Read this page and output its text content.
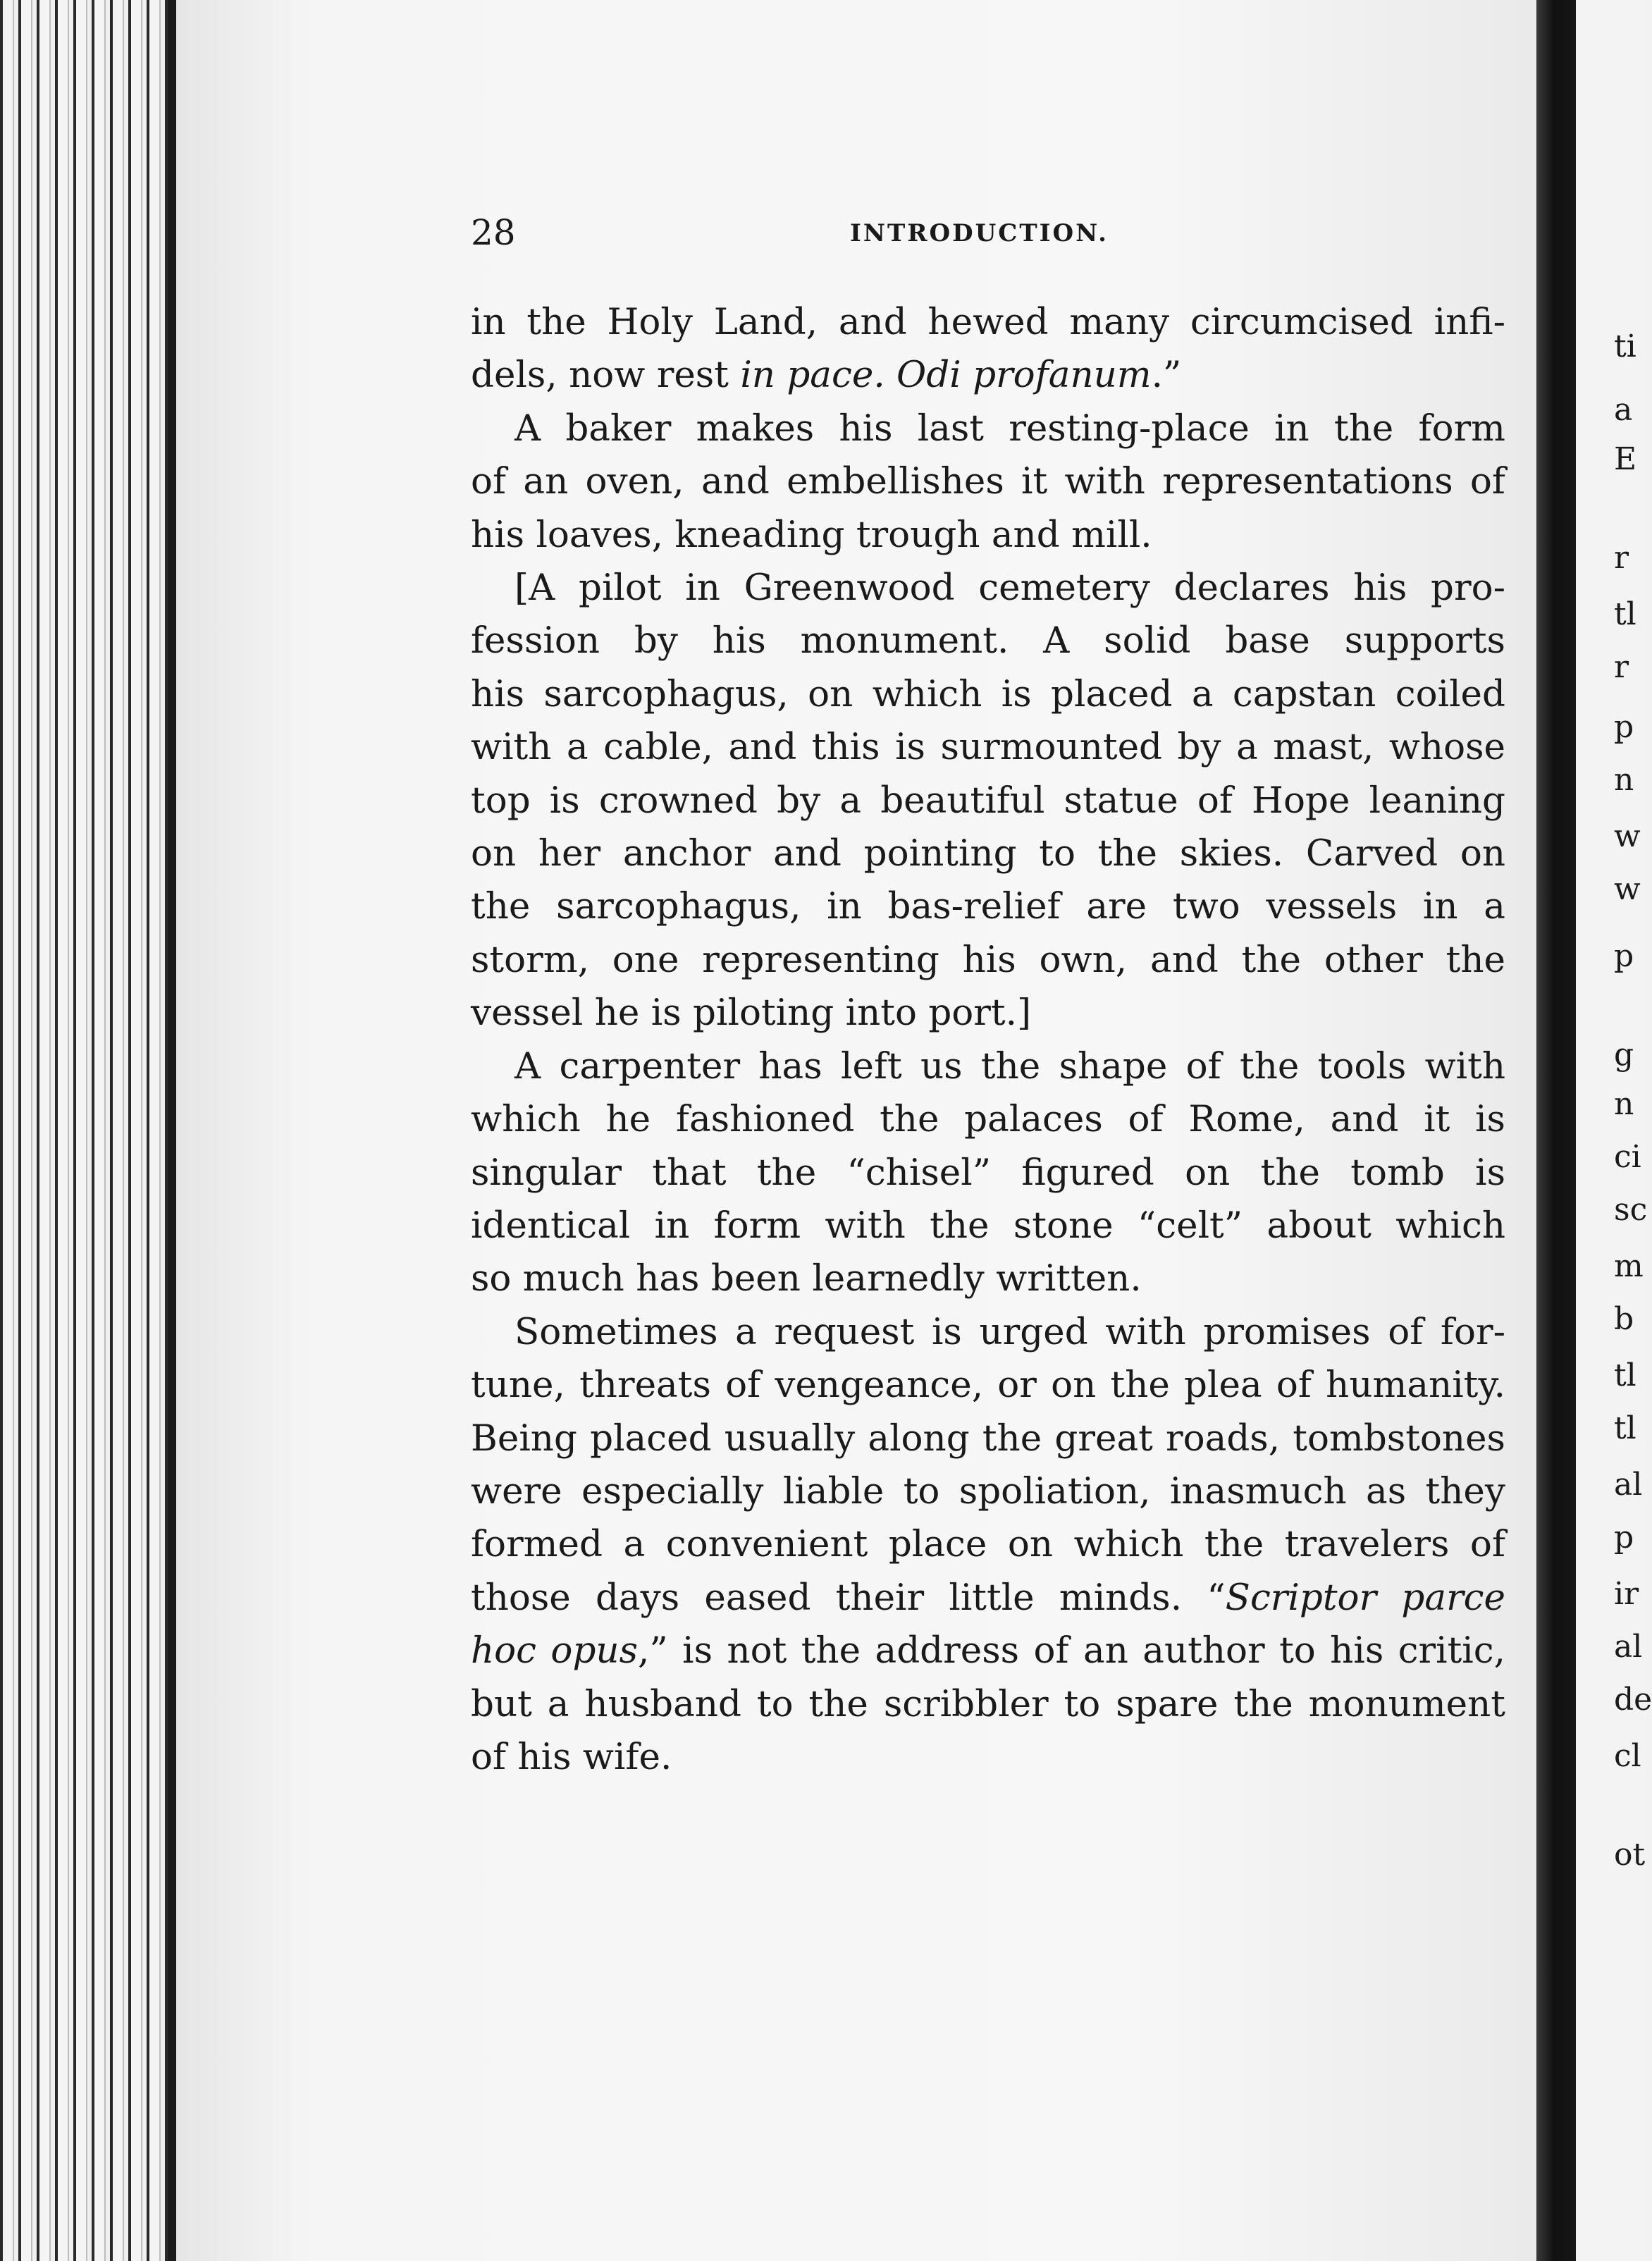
28	INTRODUCTION.

in the Holy Land, and hewed many circumcised infi-
dels, now rest in pace. Odi profanum.”
A baker makes his last resting-place in the form
of an oven, and embellishes it with representations of
his loaves, kneading trough and mill.
[A pilot in Greenwood cemetery declares his pro-
fession by his monument. A solid base supports
his sarcophagus, on which is placed a capstan coiled
with a cable, and this is surmounted by a mast, whose
top is crowned by a beautiful statue of Hope leaning
on her anchor and pointing to the skies. Carved on
the sarcophagus, in bas-relief are two vessels in a
storm, one representing his own, and the other the
vessel he is piloting into port.]
A carpenter has left us the shape of the tools with
which he fashioned the palaces of Rome, and it is
singular that the “chisel” figured on the tomb is
identical in form with the stone “celt” about which
so much has been learnedly written.
Sometimes a request is urged with promises of for-
tune, threats of vengeance, or on the plea of humanity.
Being placed usually along the great roads, tombstones
were especially liable to spoliation, inasmuch as they
formed a convenient place on which the travelers of
those days eased their little minds. “Scriptor parce
hoc opus,” is not the address of an author to his critic,
but a husband to the scribbler to spare the monument
of his wife.

ti

a

E

r

tl

r

p

n

w

w

p

g

n

ci

sc

m

b

tl

tl

al

p

ir

al

de

cl

ot
